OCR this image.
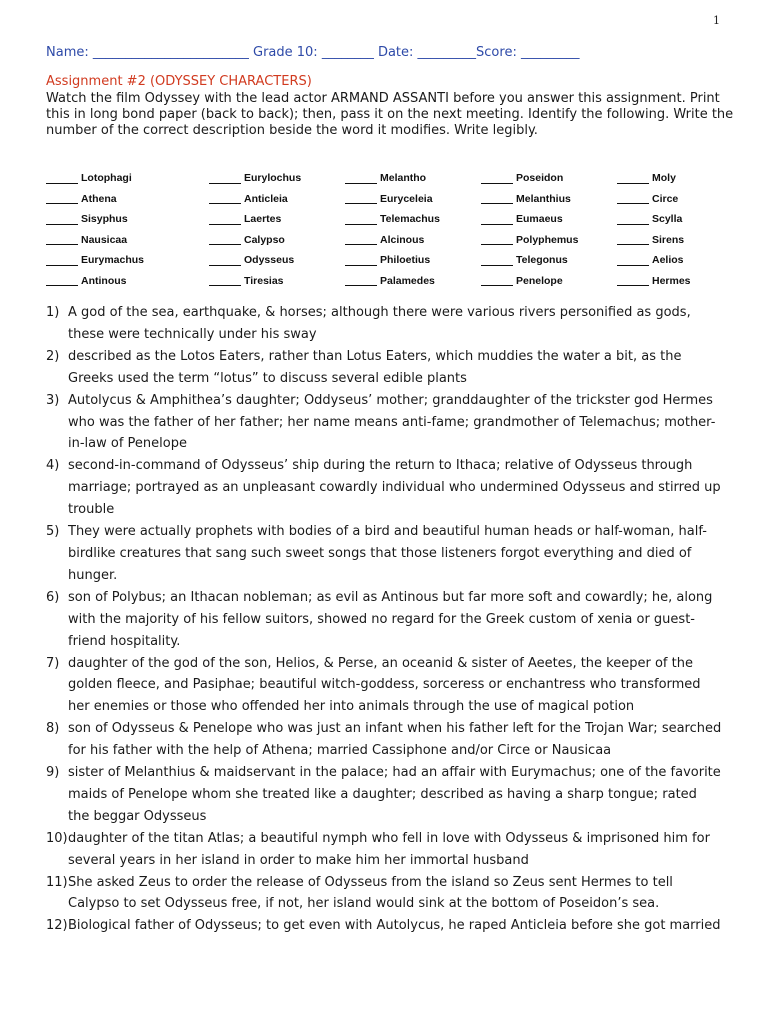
1
Name: ________________________ Grade 10: ________ Date: _________Score: _________
Assignment #2 (ODYSSEY CHARACTERS)
Watch the film Odyssey with the lead actor ARMAND ASSANTI before you answer this assignment. Print this in long bond paper (back to back); then, pass it on the next meeting. Identify the following. Write the number of the correct description beside the word it modifies. Write legibly.
Lotophagi	Eurylochus	Melantho	Poseidon	Moly
Athena	Anticleia	Euryceleia	Melanthius	Circe
Sisyphus	Laertes	Telemachus	Eumaeus	Scylla
Nausicaa	Calypso	Alcinous	Polyphemus	Sirens
Eurymachus	Odysseus	Philoetius	Telegonus	Aelios
Antinous	Tiresias	Palamedes	Penelope	Hermes
1) A god of the sea, earthquake, & horses; although there were various rivers personified as gods, these were technically under his sway
2) described as the Lotos Eaters, rather than Lotus Eaters, which muddies the water a bit, as the Greeks used the term “lotus” to discuss several edible plants
3) Autolycus & Amphithea’s daughter; Oddyseus’ mother; granddaughter of the trickster god Hermes who was the father of her father; her name means anti-fame; grandmother of Telemachus; mother-in-law of Penelope
4) second-in-command of Odysseus’ ship during the return to Ithaca; relative of Odysseus through marriage; portrayed as an unpleasant cowardly individual who undermined Odysseus and stirred up trouble
5) They were actually prophets with bodies of a bird and beautiful human heads or half-woman, half-birdlike creatures that sang such sweet songs that those listeners forgot everything and died of hunger.
6) son of Polybus; an Ithacan nobleman; as evil as Antinous but far more soft and cowardly; he, along with the majority of his fellow suitors, showed no regard for the Greek custom of xenia or guest-friend hospitality.
7) daughter of the god of the son, Helios, & Perse, an oceanid & sister of Aeetes, the keeper of the golden fleece, and Pasiphae; beautiful witch-goddess, sorceress or enchantress who transformed her enemies or those who offended her into animals through the use of magical potion
8) son of Odysseus & Penelope who was just an infant when his father left for the Trojan War; searched for his father with the help of Athena; married Cassiphone and/or Circe or Nausicaa
9) sister of Melanthius & maidservant in the palace; had an affair with Eurymachus; one of the favorite maids of Penelope whom she treated like a daughter; described as having a sharp tongue; rated the beggar Odysseus
10) daughter of the titan Atlas; a beautiful nymph who fell in love with Odysseus & imprisoned him for several years in her island in order to make him her immortal husband
11) She asked Zeus to order the release of Odysseus from the island so Zeus sent Hermes to tell Calypso to set Odysseus free, if not, her island would sink at the bottom of Poseidon’s sea.
12) Biological father of Odysseus; to get even with Autolycus, he raped Anticleia before she got married
